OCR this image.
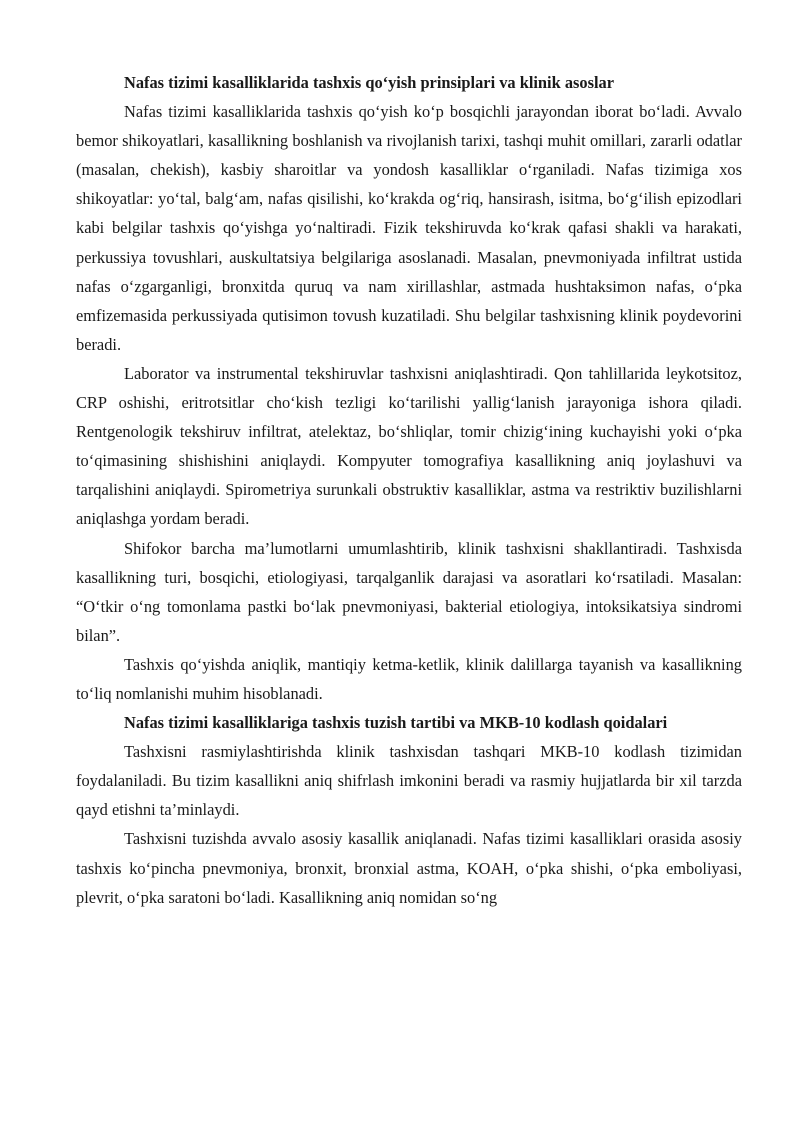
Nafas tizimi kasalliklarida tashxis qo‘yish prinsiplari va klinik asoslar

Nafas tizimi kasalliklarida tashxis qo‘yish ko‘p bosqichli jarayondan iborat bo‘ladi. Avvalo bemor shikoyatlari, kasallikning boshlanish va rivojlanish tarixi, tashqi muhit omillari, zararli odatlar (masalan, chekish), kasbiy sharoitlar va yondosh kasalliklar o‘rganiladi. Nafas tizimiga xos shikoyatlar: yo‘tal, balg‘am, nafas qisilishi, ko‘krakda og‘riq, hansirash, isitma, bo‘g‘ilish epizodlari kabi belgilar tashxis qo‘yishga yo‘naltiradi. Fizik tekshiruvda ko‘krak qafasi shakli va harakati, perkussiya tovushlari, auskultatsiya belgilariga asoslanadi. Masalan, pnevmoniyada infiltrat ustida nafas o‘zgarganligi, bronxitda quruq va nam xirillashlar, astmada hushtaksimon nafas, o‘pka emfizemasida perkussiyada qutisimon tovush kuzatiladi. Shu belgilar tashxisning klinik poydevorini beradi.

Laborator va instrumental tekshiruvlar tashxisni aniqlashtiradi. Qon tahlillarida leykotsitoz, CRP oshishi, eritrotsitlar cho‘kish tezligi ko‘tarilishi yallig‘lanish jarayoniga ishora qiladi. Rentgenologik tekshiruv infiltrat, atelektaz, bo‘shliqlar, tomir chizig‘ining kuchayishi yoki o‘pka to‘qimasining shishishini aniqlaydi. Kompyuter tomografiya kasallikning aniq joylashuvi va tarqalishini aniqlaydi. Spirometriya surunkali obstruktiv kasalliklar, astma va restriktiv buzilishlarni aniqlashga yordam beradi.

Shifokor barcha ma’lumotlarni umumlashtirib, klinik tashxisni shakllantiradi. Tashxisda kasallikning turi, bosqichi, etiologiyasi, tarqalganlik darajasi va asoratlari ko‘rsatiladi. Masalan: “O‘tkir o‘ng tomonlama pastki bo‘lak pnevmoniyasi, bakterial etiologiya, intoksikatsiya sindromi bilan”.

Tashxis qo‘yishda aniqlik, mantiqiy ketma-ketlik, klinik dalillarga tayanish va kasallikning to‘liq nomlanishi muhim hisoblanadi.

Nafas tizimi kasalliklariga tashxis tuzish tartibi va MKB-10 kodlash qoidalari

Tashxisni rasmiylashtirishda klinik tashxisdan tashqari MKB-10 kodlash tizimidan foydalaniladi. Bu tizim kasallikni aniq shifrlash imkonini beradi va rasmiy hujjatlarda bir xil tarzda qayd etishni ta’minlaydi.

Tashxisni tuzishda avvalo asosiy kasallik aniqlanadi. Nafas tizimi kasalliklari orasida asosiy tashxis ko‘pincha pnevmoniya, bronxit, bronxial astma, KOAH, o‘pka shishi, o‘pka emboliyasi, plevrit, o‘pka saratoni bo‘ladi. Kasallikning aniq nomidan so‘ng
